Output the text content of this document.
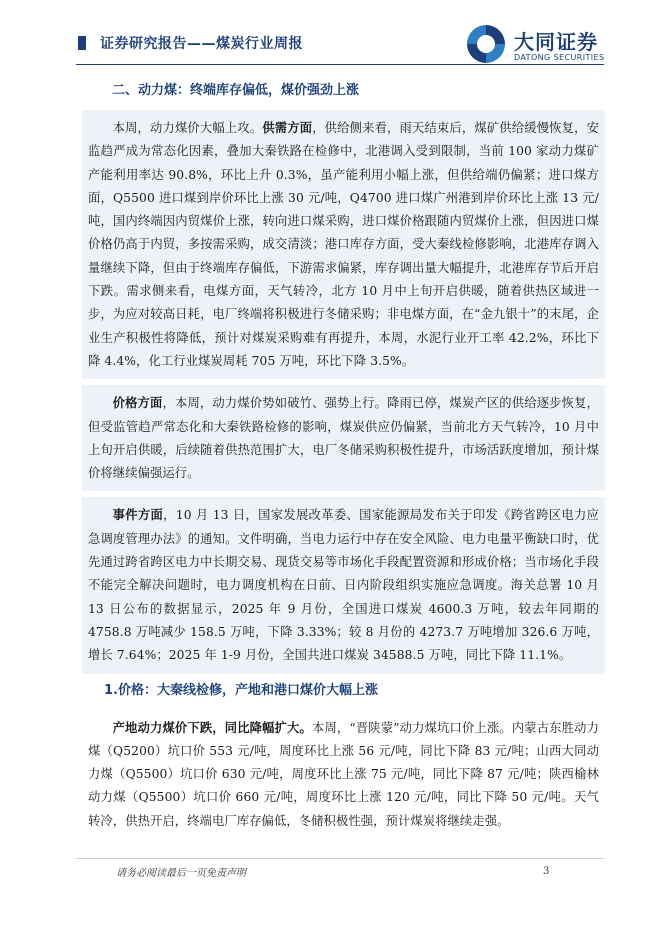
证券研究报告——煤炭行业周报	大同证券
DATONG SECURITIES
二、动力煤：终端库存偏低，煤价强劲上涨

本周，动力煤价大幅上攻。供需方面，供给侧来看，雨天结束后，煤矿供给缓慢恢复，安监趋严成为常态化因素，叠加大秦铁路在检修中，北港调入受到限制，当前 100 家动力煤矿产能利用率达 90.8%，环比上升 0.3%，虽产能利用小幅上涨，但供给端仍偏紧；进口煤方面，Q5500 进口煤到岸价环比上涨 30 元/吨，Q4700 进口煤广州港到岸价环比上涨 13 元/吨，国内终端因内贸煤价上涨，转向进口煤采购，进口煤价格跟随内贸煤价上涨，但因进口煤价格仍高于内贸，多按需采购，成交清淡；港口库存方面，受大秦线检修影响，北港库存调入量继续下降，但由于终端库存偏低，下游需求偏紧，库存调出量大幅提升，北港库存节后开启下跌。需求侧来看，电煤方面，天气转冷，北方 10 月中上旬开启供暖，随着供热区域进一步，为应对较高日耗，电厂终端将积极进行冬储采购；非电煤方面，在“金九银十”的末尾，企业生产积极性将降低，预计对煤炭采购难有再提升，本周，水泥行业开工率 42.2%，环比下降 4.4%，化工行业煤炭周耗 705 万吨，环比下降 3.5%。

价格方面，本周，动力煤价势如破竹、强势上行。降雨已停，煤炭产区的供给逐步恢复，但受监管趋严常态化和大秦铁路检修的影响，煤炭供应仍偏紧，当前北方天气转冷，10 月中上旬开启供暖，后续随着供热范围扩大，电厂冬储采购积极性提升，市场活跃度增加，预计煤价将继续偏强运行。

事件方面，10 月 13 日，国家发展改革委、国家能源局发布关于印发《跨省跨区电力应急调度管理办法》的通知。文件明确，当电力运行中存在安全风险、电力电量平衡缺口时，优先通过跨省跨区电力中长期交易、现货交易等市场化手段配置资源和形成价格；当市场化手段不能完全解决问题时，电力调度机构在日前、日内阶段组织实施应急调度。海关总署 10 月 13 日公布的数据显示，2025 年 9 月份，全国进口煤炭 4600.3 万吨，较去年同期的 4758.8 万吨减少 158.5 万吨，下降 3.33%；较 8 月份的 4273.7 万吨增加 326.6 万吨，增长 7.64%；2025 年 1-9 月份，全国共进口煤炭 34588.5 万吨，同比下降 11.1%。

1.价格：大秦线检修，产地和港口煤价大幅上涨

产地动力煤价下跌，同比降幅扩大。本周，“晋陕蒙”动力煤坑口价上涨。内蒙古东胜动力煤（Q5200）坑口价 553 元/吨，周度环比上涨 56 元/吨，同比下降 83 元/吨；山西大同动力煤（Q5500）坑口价 630 元/吨，周度环比上涨 75 元/吨，同比下降 87 元/吨；陕西榆林动力煤（Q5500）坑口价 660 元/吨，周度环比上涨 120 元/吨，同比下降 50 元/吨。天气转冷，供热开启，终端电厂库存偏低，冬储积极性强，预计煤炭将继续走强。

请务必阅读最后一页免责声明	3
